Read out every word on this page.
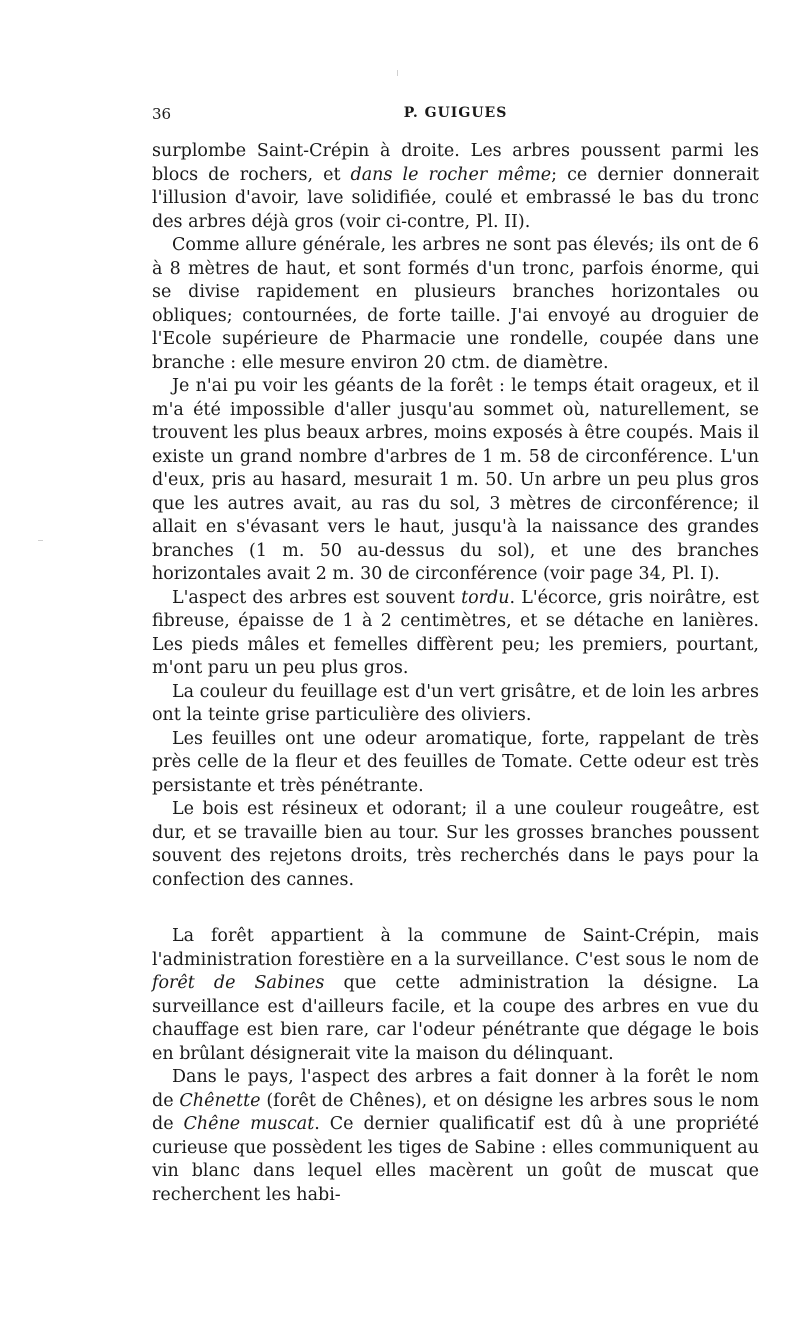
36	P. GUIGUES

surplombe Saint-Crépin à droite. Les arbres poussent parmi les blocs de rochers, et dans le rocher même; ce dernier donnerait l'illusion d'avoir, lave solidifiée, coulé et embrassé le bas du tronc des arbres déjà gros (voir ci-contre, Pl. II).

Comme allure générale, les arbres ne sont pas élevés; ils ont de 6 à 8 mètres de haut, et sont formés d'un tronc, parfois énorme, qui se divise rapidement en plusieurs branches horizontales ou obliques; contournées, de forte taille. J'ai envoyé au droguier de l'Ecole supérieure de Pharmacie une rondelle, coupée dans une branche : elle mesure environ 20 ctm. de diamètre.

Je n'ai pu voir les géants de la forêt : le temps était orageux, et il m'a été impossible d'aller jusqu'au sommet où, naturellement, se trouvent les plus beaux arbres, moins exposés à être coupés. Mais il existe un grand nombre d'arbres de 1 m. 58 de circonférence. L'un d'eux, pris au hasard, mesurait 1 m. 50. Un arbre un peu plus gros que les autres avait, au ras du sol, 3 mètres de circonférence; il allait en s'évasant vers le haut, jusqu'à la naissance des grandes branches (1 m. 50 au-dessus du sol), et une des branches horizontales avait 2 m. 30 de circonférence (voir page 34, Pl. I).

L'aspect des arbres est souvent tordu. L'écorce, gris noirâtre, est fibreuse, épaisse de 1 à 2 centimètres, et se détache en lanières. Les pieds mâles et femelles diffèrent peu; les premiers, pourtant, m'ont paru un peu plus gros.

La couleur du feuillage est d'un vert grisâtre, et de loin les arbres ont la teinte grise particulière des oliviers.

Les feuilles ont une odeur aromatique, forte, rappelant de très près celle de la fleur et des feuilles de Tomate. Cette odeur est très persistante et très pénétrante.

Le bois est résineux et odorant; il a une couleur rougeâtre, est dur, et se travaille bien au tour. Sur les grosses branches poussent souvent des rejetons droits, très recherchés dans le pays pour la confection des cannes.

La forêt appartient à la commune de Saint-Crépin, mais l'administration forestière en a la surveillance. C'est sous le nom de forêt de Sabines que cette administration la désigne. La surveillance est d'ailleurs facile, et la coupe des arbres en vue du chauffage est bien rare, car l'odeur pénétrante que dégage le bois en brûlant désignerait vite la maison du délinquant.

Dans le pays, l'aspect des arbres a fait donner à la forêt le nom de Chênette (forêt de Chênes), et on désigne les arbres sous le nom de Chêne muscat. Ce dernier qualificatif est dû à une propriété curieuse que possèdent les tiges de Sabine : elles communiquent au vin blanc dans lequel elles macèrent un goût de muscat que recherchent les habi-
